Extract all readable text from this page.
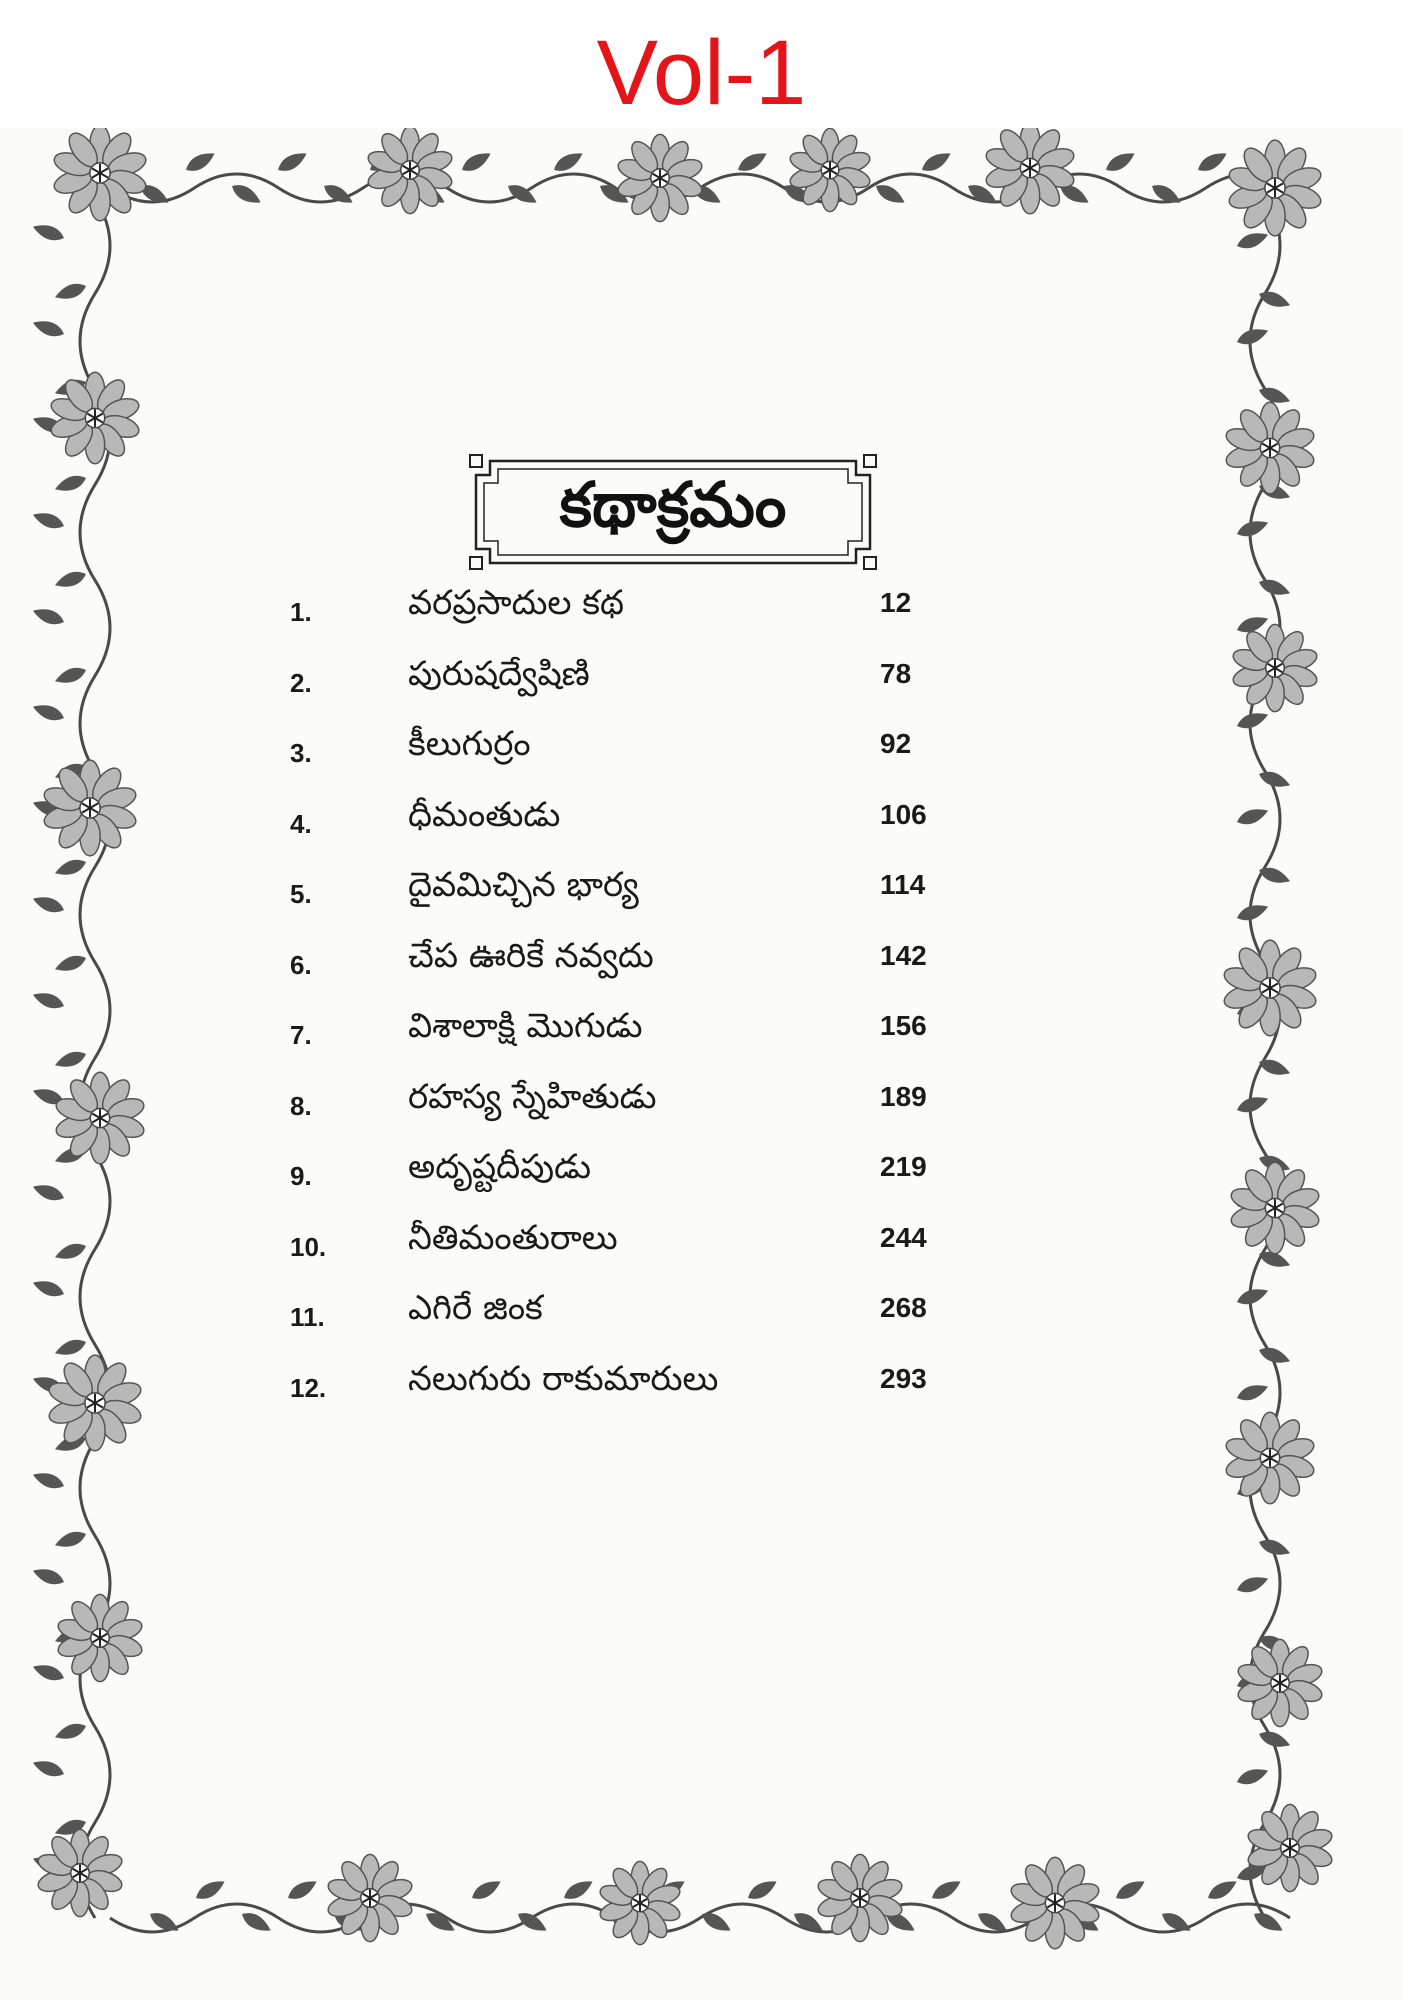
Vol-1
కథాక్రమం
1.	వరప్రసాదుల కథ	12
2.	పురుషద్వేషిణి	78
3.	కీలుగుర్రం	92
4.	ధీమంతుడు	106
5.	దైవమిచ్చిన భార్య	114
6.	చేప ఊరికే నవ్వదు	142
7.	విశాలాక్షి మొగుడు	156
8.	రహస్య స్నేహితుడు	189
9.	అదృష్టదీపుడు	219
10. నీతిమంతురాలు	244
11. ఎగిరే జింక	268
12. నలుగురు రాకుమారులు	293
